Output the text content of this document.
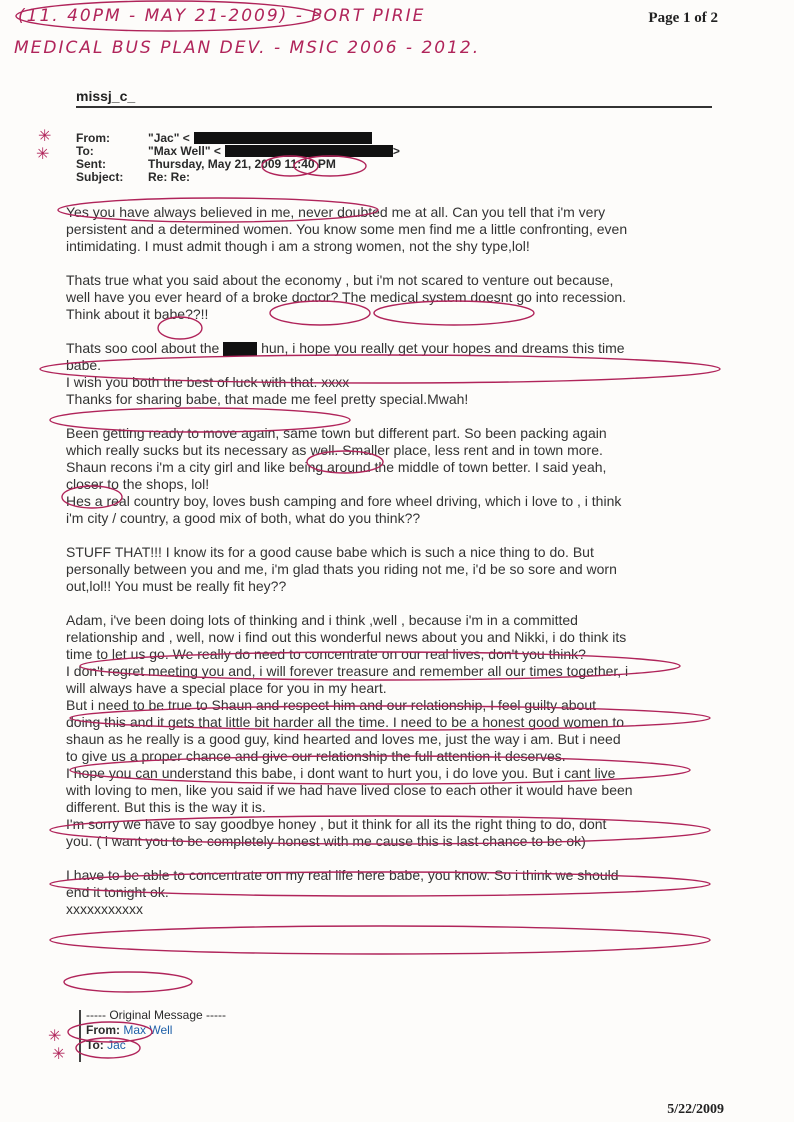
(11. 40PM - MAY 21-2009) - PORT PIRIE
MEDICAL BUS PLAN DEV. - MSIC 2006 - 2012.
Page 1 of 2
missj_c_
✳
✳
From:	"Jac" <
To:	"Max Well" <	>
Sent:	Thursday, May 21, 2009 11:40 PM
Subject:	Re: Re:

Yes you have always believed in me, never doubted me at all. Can you tell that i'm very
persistent and a determined women. You know some men find me a little confronting, even
intimidating. I must admit though i am a strong women, not the shy type,lol!

Thats true what you said about the economy , but i'm not scared to venture out because,
well have you ever heard of a broke doctor? The medical system doesnt go into recession.
Think about it babe??!!

Thats soo cool about the  hun, i hope you really get your hopes and dreams this time
babe.
I wish you both the best of luck with that. xxxx
Thanks for sharing babe, that made me feel pretty special.Mwah!

Been getting ready to move again, same town but different part. So been packing again
which really sucks but its necessary as well. Smaller place, less rent and in town more.
Shaun recons i'm a city girl and like being around the middle of town better. I said yeah,
closer to the shops, lol!
Hes a real country boy, loves bush camping and fore wheel driving, which i love to , i think
i'm city / country, a good mix of both, what do you think??

STUFF THAT!!! I know its for a good cause babe which is such a nice thing to do. But
personally between you and me, i'm glad thats you riding not me, i'd be so sore and worn
out,lol!! You must be really fit hey??

Adam, i've been doing lots of thinking and i think ,well , because i'm in a committed
relationship and , well, now i find out this wonderful news about you and Nikki, i do think its
time to let us go. We really do need to concentrate on our real lives, don't you think?
I don't regret meeting you and, i will forever treasure and remember all our times together, i
will always have a special place for you in my heart.
But i need to be true to Shaun and respect him and our relationship, I feel guilty about
doing this and it gets that little bit harder all the time. I need to be a honest good women to
shaun as he really is a good guy, kind hearted and loves me, just the way i am. But i need
to give us a proper chance and give our relationship the full attention it deserves.
I hope you can understand this babe, i dont want to hurt you, i do love you. But i cant live
with loving to men, like you said if we had have lived close to each other it would have been
different. But this is the way it is.
I'm sorry we have to say goodbye honey , but it think for all its the right thing to do, dont
you. ( i want you to be completely honest with me cause this is last chance to be ok)

I have to be able to concentrate on my real life here babe, you know. So i think we should
end it tonight ok.
xxxxxxxxxxx

✳
✳
----- Original Message -----
From: Max Well
To: Jac
5/22/2009
